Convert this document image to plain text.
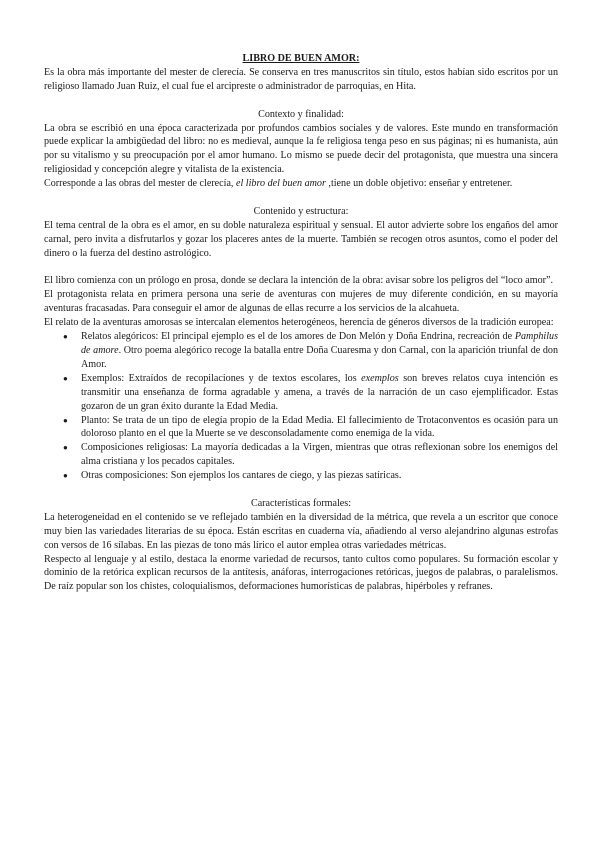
LIBRO DE BUEN AMOR:

Es la obra más importante del mester de clerecía. Se conserva en tres manuscritos sin título, estos habían sido escritos por un religioso llamado Juan Ruiz, el cual fue el arcipreste o administrador de parroquias, en Hita.

Contexto y finalidad:

La obra se escribió en una época caracterizada por profundos cambios sociales y de valores. Este mundo en transformación puede explicar la ambigüedad del libro: no es medieval, aunque la fe religiosa tenga peso en sus páginas; ni es humanista, aún por su vitalismo y su preocupación por el amor humano. Lo mismo se puede decir del protagonista, que muestra una sincera religiosidad y concepción alegre y vitalista de la existencia.

Corresponde a las obras del mester de clerecía, el libro del buen amor ,tiene un doble objetivo: enseñar y entretener.

Contenido y estructura:

El tema central de la obra es el amor, en su doble naturaleza espiritual y sensual. El autor advierte sobre los engaños del amor carnal, pero invita a disfrutarlos y gozar los placeres antes de la muerte. También se recogen otros asuntos, como el poder del dinero o la fuerza del destino astrológico.

El libro comienza con un prólogo en prosa, donde se declara la intención de la obra: avisar sobre los peligros del “loco amor”.

El protagonista relata en primera persona una serie de aventuras con mujeres de muy diferente condición, en su mayoría aventuras fracasadas. Para conseguir el amor de algunas de ellas recurre a los servicios de la alcahueta.

El relato de la aventuras amorosas se intercalan elementos heterogéneos, herencia de géneros diversos de la tradición europea:

● Relatos alegóricos: El principal ejemplo es el de los amores de Don Melón y Doña Endrina, recreación de Pamphilus de amore. Otro poema alegórico recoge la batalla entre Doña Cuaresma y don Carnal, con la aparición triunfal de don Amor.
● Exemplos: Extraídos de recopilaciones y de textos escolares, los exemplos son breves relatos cuya intención es transmitir una enseñanza de forma agradable y amena, a través de la narración de un caso ejemplificador. Estas gozaron de un gran éxito durante la Edad Media.
● Planto: Se trata de un tipo de elegía propio de la Edad Media. El fallecimiento de Trotaconventos es ocasión para un doloroso planto en el que la Muerte se ve desconsoladamente como enemiga de la vida.
● Composiciones religiosas: La mayoría dedicadas a la Virgen, mientras que otras reflexionan sobre los enemigos del alma cristiana y los pecados capitales.
● Otras composiciones: Son ejemplos los cantares de ciego, y las piezas satíricas.

Características formales:

La heterogeneidad en el contenido se ve reflejado también en la diversidad de la métrica, que revela a un escritor que conoce muy bien las variedades literarias de su época. Están escritas en cuaderna vía, añadiendo al verso alejandrino algunas estrofas con versos de 16 sílabas. En las piezas de tono más lírico el autor emplea otras variedades métricas.

Respecto al lenguaje y al estilo, destaca la enorme variedad de recursos, tanto cultos como populares. Su formación escolar y dominio de la retórica explican recursos de la antítesis, anáforas, interrogaciones retóricas, juegos de palabras, o paralelismos. De raíz popular son los chistes, coloquialismos, deformaciones humorísticas de palabras, hipérboles y refranes.
